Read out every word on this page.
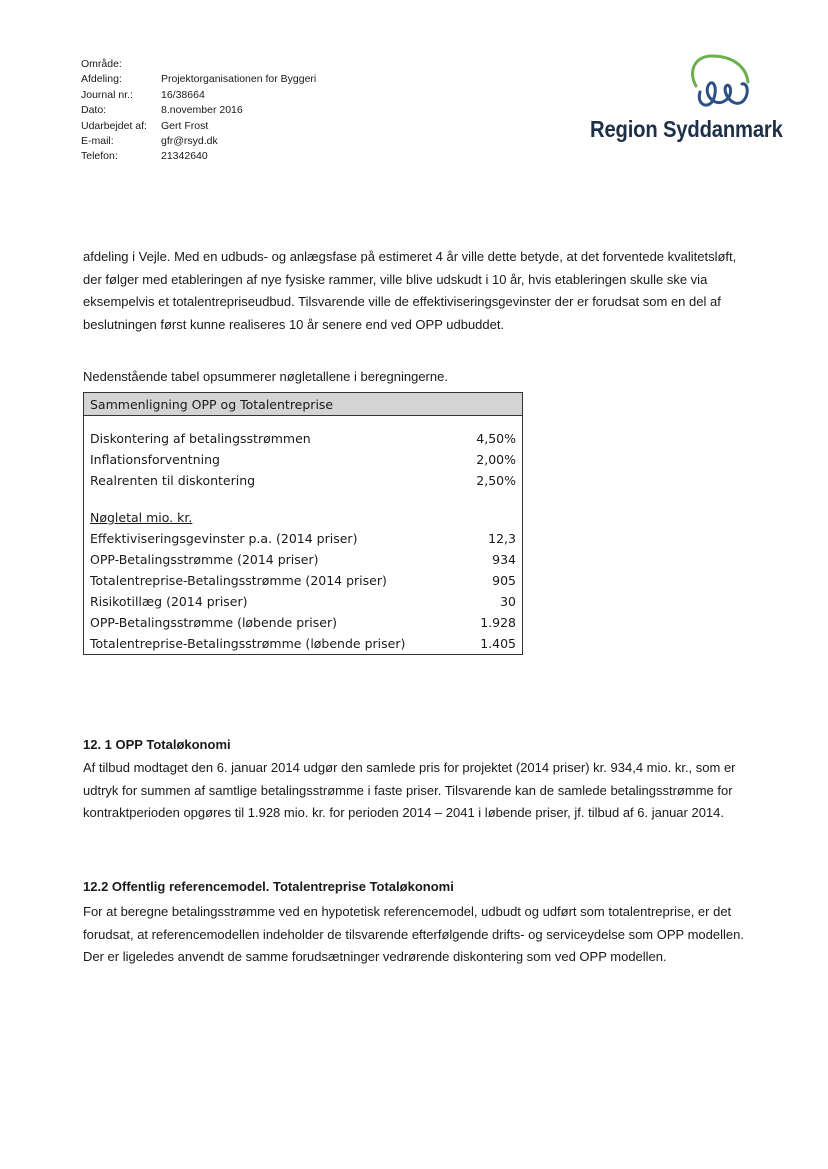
Område:
Afdeling:	Projektorganisationen for Byggeri
Journal nr.:	16/38664
Dato:	8.november 2016
Udarbejdet af:	Gert Frost
E-mail:	gfr@rsyd.dk
Telefon:	21342640
Region Syddanmark
afdeling i Vejle. Med en udbuds- og anlægsfase på estimeret 4 år ville dette betyde, at det forventede kvalitetsløft, der følger med etableringen af nye fysiske rammer, ville blive udskudt i 10 år, hvis etableringen skulle ske via eksempelvis et totalentrepriseudbud. Tilsvarende ville de effektiviseringsgevinster der er forudsat som en del af beslutningen først kunne realiseres 10 år senere end ved OPP udbuddet.
Nedenstående tabel opsummerer nøgletallene i beregningerne.
Sammenligning OPP og Totalentreprise	

Diskontering af betalingsstrømmen	4,50%
Inflationsforventning	2,00%
Realrenten til diskontering	2,50%

Nøgletal mio. kr.	
Effektiviseringsgevinster p.a. (2014 priser)	12,3
OPP-Betalingsstrømme (2014 priser)	934
Totalentreprise-Betalingsstrømme (2014 priser)	905
Risikotillæg (2014 priser)	30
OPP-Betalingsstrømme (løbende priser)	1.928
Totalentreprise-Betalingsstrømme (løbende priser)	1.405
12. 1 OPP Totaløkonomi
Af tilbud modtaget den 6. januar 2014 udgør den samlede pris for projektet (2014 priser) kr. 934,4 mio. kr., som er udtryk for summen af samtlige betalingsstrømme i faste priser. Tilsvarende kan de samlede betalingsstrømme for kontraktperioden opgøres til 1.928 mio. kr. for perioden 2014 – 2041 i løbende priser, jf. tilbud af 6. januar 2014.
12.2 Offentlig referencemodel. Totalentreprise Totaløkonomi
For at beregne betalingsstrømme ved en hypotetisk referencemodel, udbudt og udført som totalentreprise, er det forudsat, at referencemodellen indeholder de tilsvarende efterfølgende drifts- og serviceydelse som OPP modellen. Der er ligeledes anvendt de samme forudsætninger vedrørende diskontering som ved OPP modellen.
